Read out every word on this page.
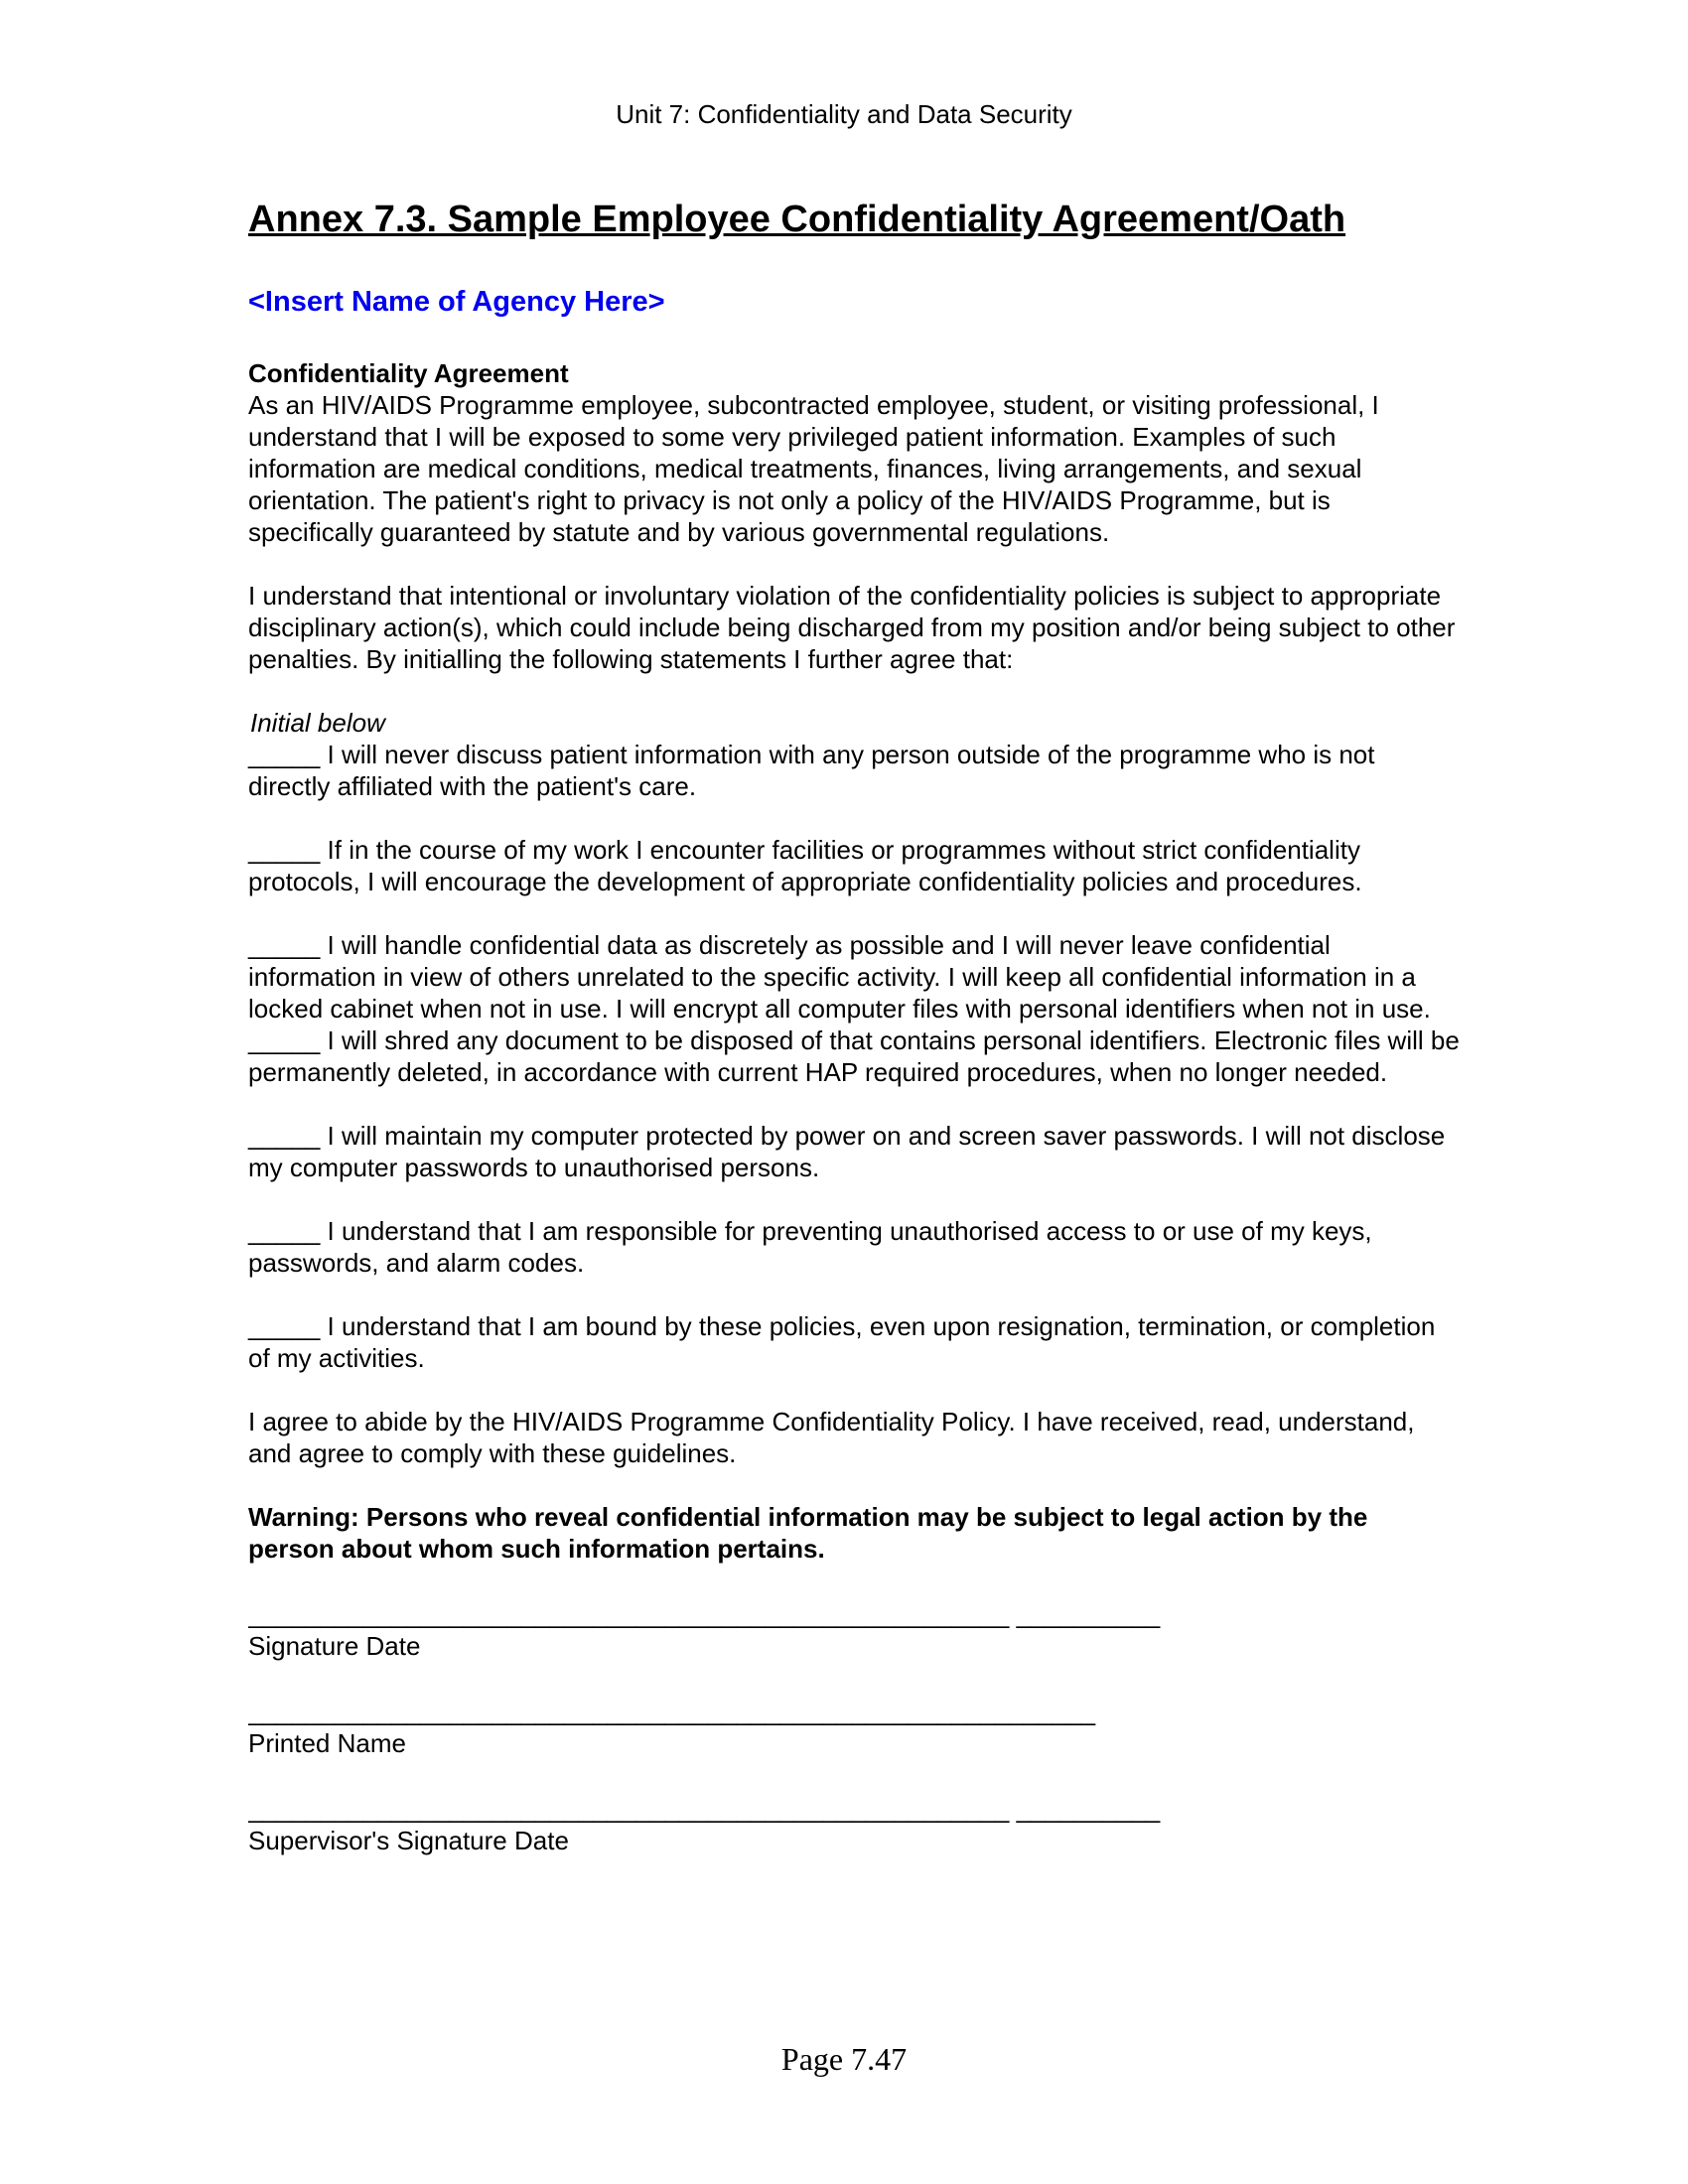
Unit 7: Confidentiality and Data Security
Annex 7.3. Sample Employee Confidentiality Agreement/Oath
<Insert Name of Agency Here>
Confidentiality Agreement

As an HIV/AIDS Programme employee, subcontracted employee, student, or visiting professional, I understand that I will be exposed to some very privileged patient information. Examples of such information are medical conditions, medical treatments, finances, living arrangements, and sexual orientation. The patient's right to privacy is not only a policy of the HIV/AIDS Programme, but is specifically guaranteed by statute and by various governmental regulations.

I understand that intentional or involuntary violation of the confidentiality policies is subject to appropriate disciplinary action(s), which could include being discharged from my position and/or being subject to other penalties. By initialling the following statements I further agree that:

Initial below

_____ I will never discuss patient information with any person outside of the programme who is not directly affiliated with the patient's care.

_____ If in the course of my work I encounter facilities or programmes without strict confidentiality protocols, I will encourage the development of appropriate confidentiality policies and procedures.

_____ I will handle confidential data as discretely as possible and I will never leave confidential information in view of others unrelated to the specific activity. I will keep all confidential information in a locked cabinet when not in use. I will encrypt all computer files with personal identifiers when not in use.

_____ I will shred any document to be disposed of that contains personal identifiers. Electronic files will be permanently deleted, in accordance with current HAP required procedures, when no longer needed.

_____ I will maintain my computer protected by power on and screen saver passwords. I will not disclose my computer passwords to unauthorised persons.

_____ I understand that I am responsible for preventing unauthorised access to or use of my keys, passwords, and alarm codes.

_____ I understand that I am bound by these policies, even upon resignation, termination, or completion of my activities.

I agree to abide by the HIV/AIDS Programme Confidentiality Policy. I have received, read, understand, and agree to comply with these guidelines.

Warning: Persons who reveal confidential information may be subject to legal action by the person about whom such information pertains.

_____________________________________________________ __________
Signature Date
___________________________________________________________
Printed Name
_____________________________________________________ __________
Supervisor's Signature Date
Page 7.47
